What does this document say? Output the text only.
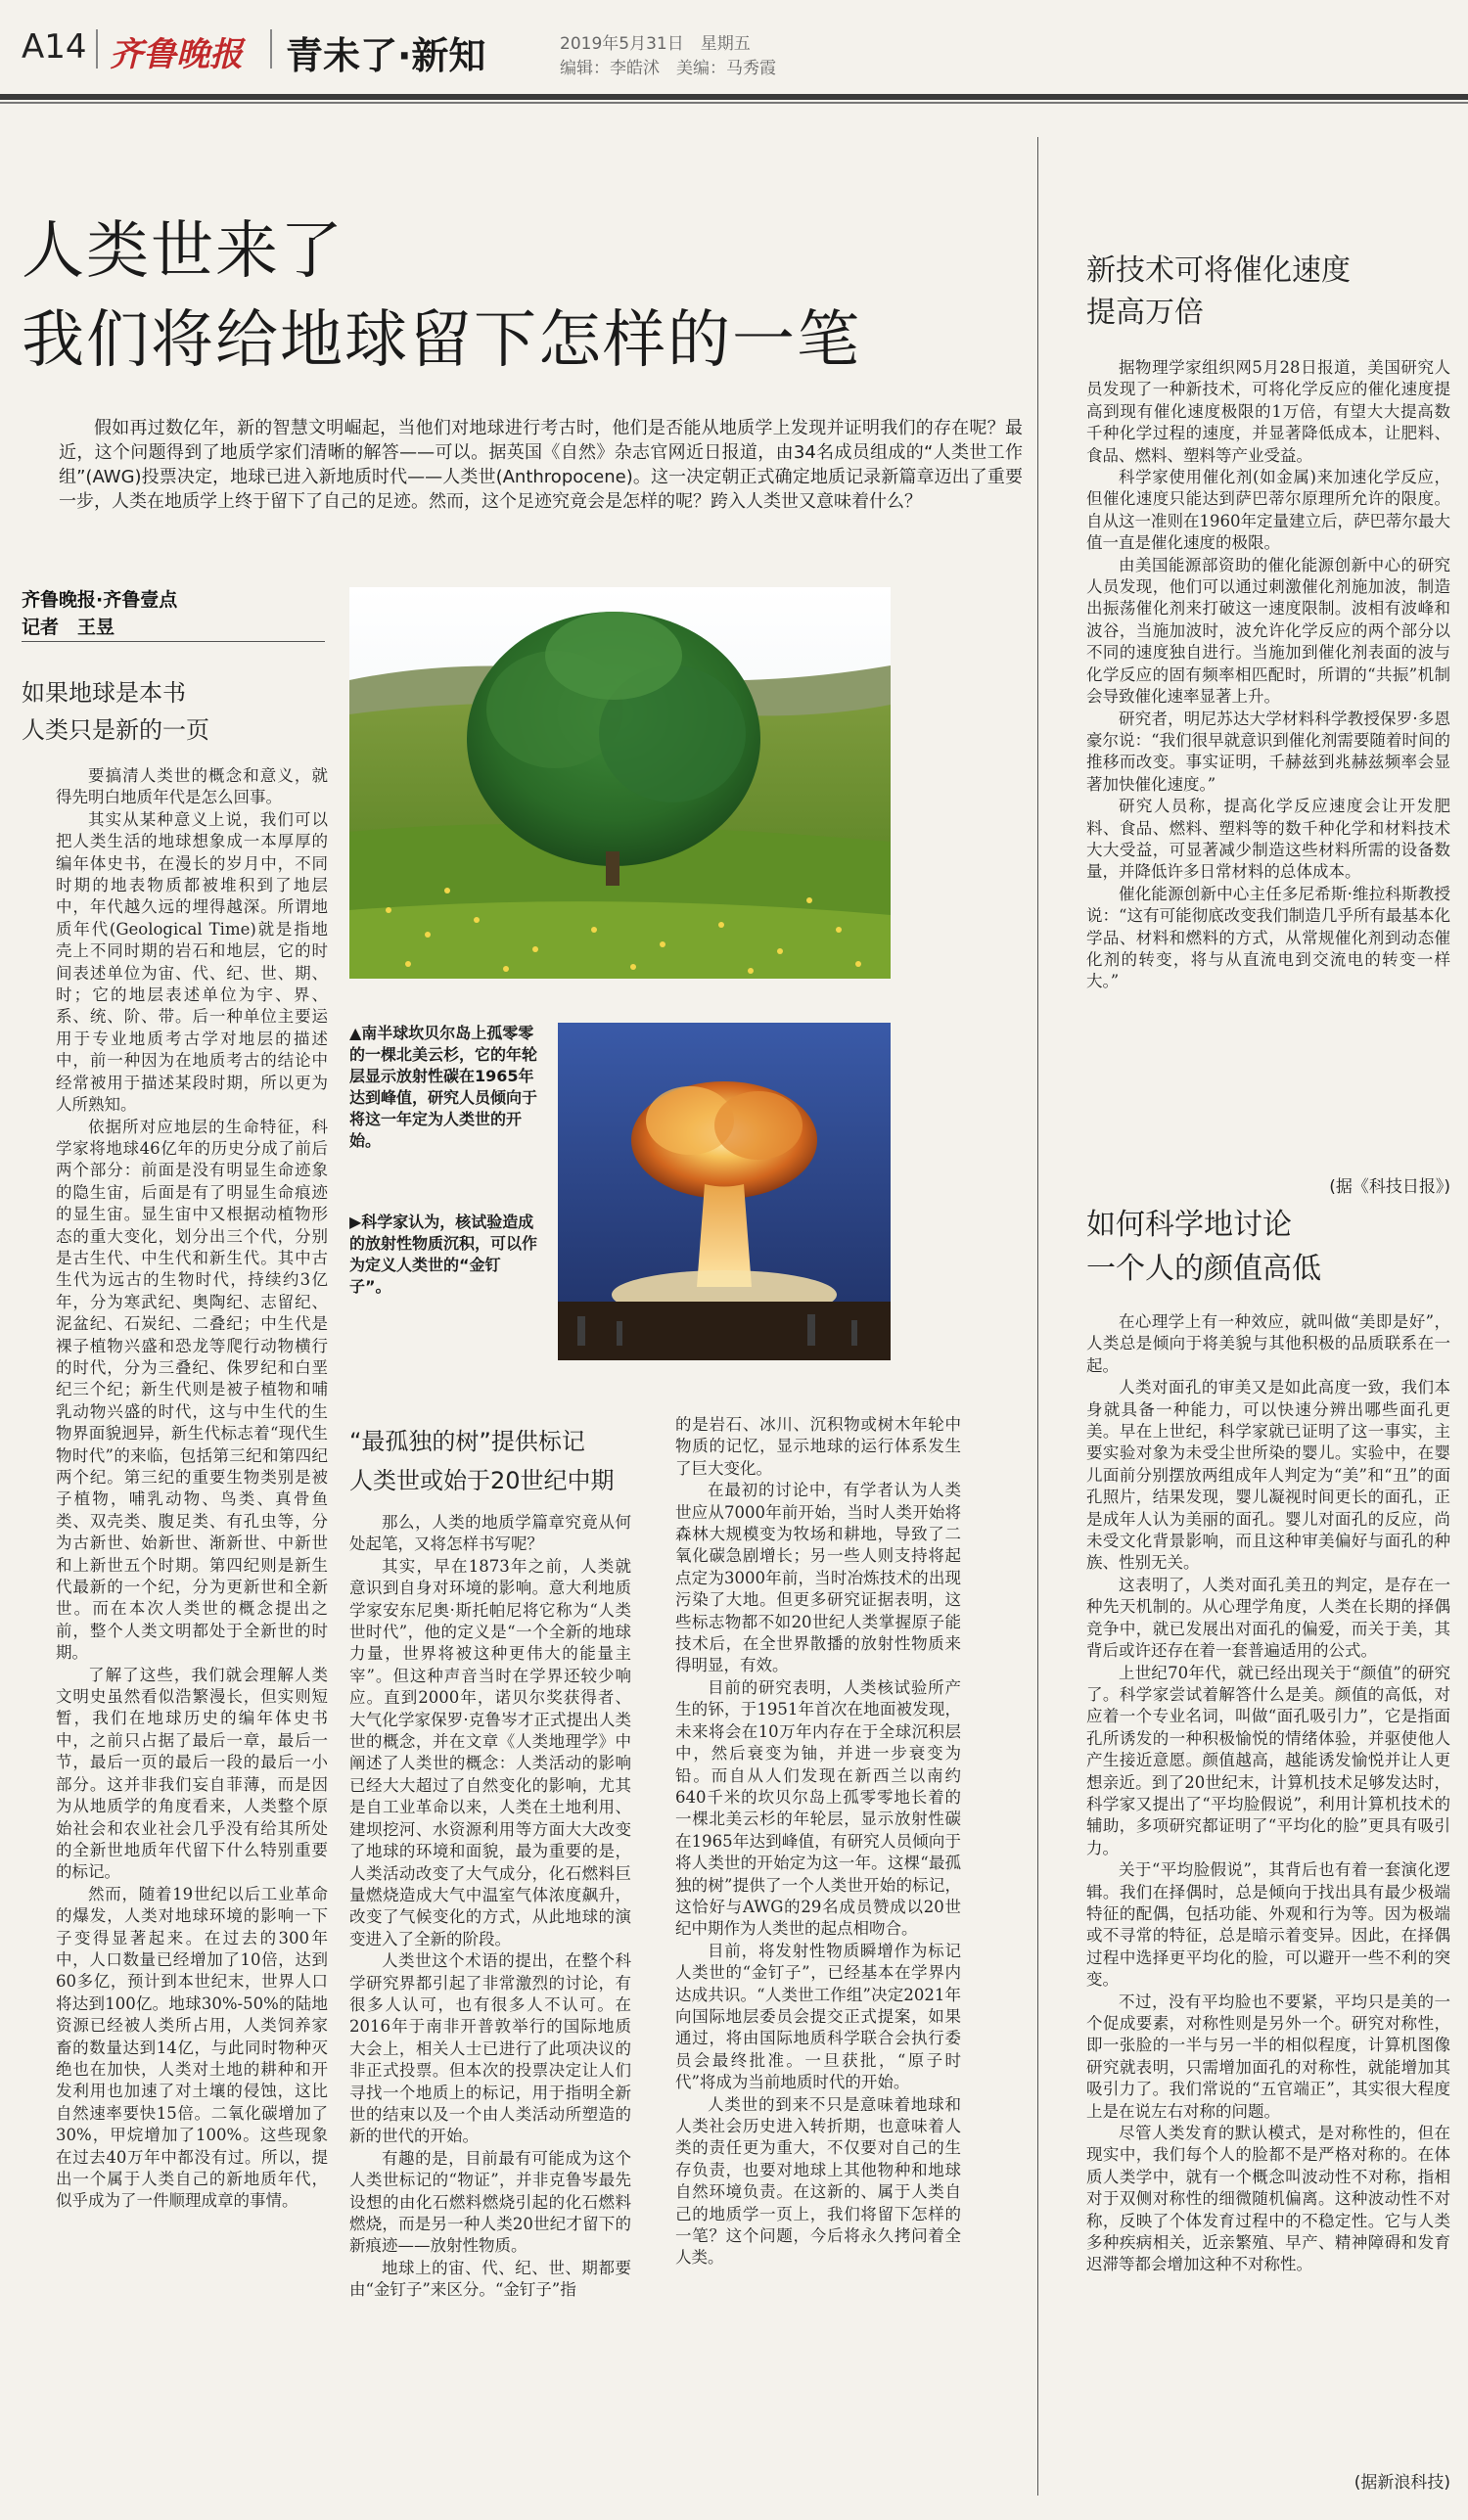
A14 齐鲁晚报 青未了·新知	2019年5月31日　星期五
编辑：李皓沭　美编：马秀霞
人类世来了
我们将给地球留下怎样的一笔
假如再过数亿年，新的智慧文明崛起，当他们对地球进行考古时，他们是否能从地质学上发现并证明我们的存在呢？最近，这个问题得到了地质学家们清晰的解答——可以。据英国《自然》杂志官网近日报道，由34名成员组成的“人类世工作组”(AWG)投票决定，地球已进入新地质时代——人类世(Anthropocene)。这一决定朝正式确定地质记录新篇章迈出了重要一步，人类在地质学上终于留下了自己的足迹。然而，这个足迹究竟会是怎样的呢？跨入人类世又意味着什么？
齐鲁晚报·齐鲁壹点
记者　王昱
如果地球是本书
人类只是新的一页

要搞清人类世的概念和意义，就得先明白地质年代是怎么回事。

其实从某种意义上说，我们可以把人类生活的地球想象成一本厚厚的编年体史书，在漫长的岁月中，不同时期的地表物质都被堆积到了地层中，年代越久远的埋得越深。所谓地质年代(Geological Time)就是指地壳上不同时期的岩石和地层，它的时间表述单位为宙、代、纪、世、期、时；它的地层表述单位为宇、界、系、统、阶、带。后一种单位主要运用于专业地质考古学对地层的描述中，前一种因为在地质考古的结论中经常被用于描述某段时期，所以更为人所熟知。

依据所对应地层的生命特征，科学家将地球46亿年的历史分成了前后两个部分：前面是没有明显生命迹象的隐生宙，后面是有了明显生命痕迹的显生宙。显生宙中又根据动植物形态的重大变化，划分出三个代，分别是古生代、中生代和新生代。其中古生代为远古的生物时代，持续约3亿年，分为寒武纪、奥陶纪、志留纪、泥盆纪、石炭纪、二叠纪；中生代是裸子植物兴盛和恐龙等爬行动物横行的时代，分为三叠纪、侏罗纪和白垩纪三个纪；新生代则是被子植物和哺乳动物兴盛的时代，这与中生代的生物界面貌迥异，新生代标志着“现代生物时代”的来临，包括第三纪和第四纪两个纪。第三纪的重要生物类别是被子植物，哺乳动物、鸟类、真骨鱼类、双壳类、腹足类、有孔虫等，分为古新世、始新世、渐新世、中新世和上新世五个时期。第四纪则是新生代最新的一个纪，分为更新世和全新世。而在本次人类世的概念提出之前，整个人类文明都处于全新世的时期。

了解了这些，我们就会理解人类文明史虽然看似浩繁漫长，但实则短暂，我们在地球历史的编年体史书中，之前只占据了最后一章，最后一节，最后一页的最后一段的最后一小部分。这并非我们妄自菲薄，而是因为从地质学的角度看来，人类整个原始社会和农业社会几乎没有给其所处的全新世地质年代留下什么特别重要的标记。

然而，随着19世纪以后工业革命的爆发，人类对地球环境的影响一下子变得显著起来。在过去的300年中，人口数量已经增加了10倍，达到60多亿，预计到本世纪末，世界人口将达到100亿。地球30%-50%的陆地资源已经被人类所占用，人类饲养家畜的数量达到14亿，与此同时物种灭绝也在加快，人类对土地的耕种和开发利用也加速了对土壤的侵蚀，这比自然速率要快15倍。二氧化碳增加了30%，甲烷增加了100%。这些现象在过去40万年中都没有过。所以，提出一个属于人类自己的新地质年代，似乎成为了一件顺理成章的事情。

▲南半球坎贝尔岛上孤零零的一棵北美云杉，它的年轮层显示放射性碳在1965年达到峰值，研究人员倾向于将这一年定为人类世的开始。
▶科学家认为，核试验造成的放射性物质沉积，可以作为定义人类世的“金钉子”。
“最孤独的树”提供标记
人类世或始于20世纪中期

那么，人类的地质学篇章究竟从何处起笔，又将怎样书写呢？

其实，早在1873年之前，人类就意识到自身对环境的影响。意大利地质学家安东尼奥·斯托帕尼将它称为“人类世时代”，他的定义是“一个全新的地球力量，世界将被这种更伟大的能量主宰”。但这种声音当时在学界还较少响应。直到2000年，诺贝尔奖获得者、大气化学家保罗·克鲁岑才正式提出人类世的概念，并在文章《人类地理学》中阐述了人类世的概念：人类活动的影响已经大大超过了自然变化的影响，尤其是自工业革命以来，人类在土地利用、建坝挖河、水资源利用等方面大大改变了地球的环境和面貌，最为重要的是，人类活动改变了大气成分，化石燃料巨量燃烧造成大气中温室气体浓度飙升，改变了气候变化的方式，从此地球的演变进入了全新的阶段。

人类世这个术语的提出，在整个科学研究界都引起了非常激烈的讨论，有很多人认可，也有很多人不认可。在2016年于南非开普敦举行的国际地质大会上，相关人士已进行了此项决议的非正式投票。但本次的投票决定让人们寻找一个地质上的标记，用于指明全新世的结束以及一个由人类活动所塑造的新的世代的开始。

有趣的是，目前最有可能成为这个人类世标记的“物证”，并非克鲁岑最先设想的由化石燃料燃烧引起的化石燃料燃烧，而是另一种人类20世纪才留下的新痕迹——放射性物质。

地球上的宙、代、纪、世、期都要由“金钉子”来区分。“金钉子”指

的是岩石、冰川、沉积物或树木年轮中物质的记忆，显示地球的运行体系发生了巨大变化。

在最初的讨论中，有学者认为人类世应从7000年前开始，当时人类开始将森林大规模变为牧场和耕地，导致了二氧化碳急剧增长；另一些人则支持将起点定为3000年前，当时冶炼技术的出现污染了大地。但更多研究证据表明，这些标志物都不如20世纪人类掌握原子能技术后，在全世界散播的放射性物质来得明显，有效。

目前的研究表明，人类核试验所产生的钚，于1951年首次在地面被发现，未来将会在10万年内存在于全球沉积层中，然后衰变为铀，并进一步衰变为铅。而自从人们发现在新西兰以南约640千米的坎贝尔岛上孤零零地长着的一棵北美云杉的年轮层，显示放射性碳在1965年达到峰值，有研究人员倾向于将人类世的开始定为这一年。这棵“最孤独的树”提供了一个人类世开始的标记，这恰好与AWG的29名成员赞成以20世纪中期作为人类世的起点相吻合。

目前，将发射性物质瞬增作为标记人类世的“金钉子”，已经基本在学界内达成共识。“人类世工作组”决定2021年向国际地层委员会提交正式提案，如果通过，将由国际地质科学联合会执行委员会最终批准。一旦获批，“原子时代”将成为当前地质时代的开始。

人类世的到来不只是意味着地球和人类社会历史进入转折期，也意味着人类的责任更为重大，不仅要对自己的生存负责，也要对地球上其他物种和地球自然环境负责。在这新的、属于人类自己的地质学一页上，我们将留下怎样的一笔？这个问题，今后将永久拷问着全人类。

新技术可将催化速度
提高万倍

据物理学家组织网5月28日报道，美国研究人员发现了一种新技术，可将化学反应的催化速度提高到现有催化速度极限的1万倍，有望大大提高数千种化学过程的速度，并显著降低成本，让肥料、食品、燃料、塑料等产业受益。

科学家使用催化剂(如金属)来加速化学反应，但催化速度只能达到萨巴蒂尔原理所允许的限度。自从这一准则在1960年定量建立后，萨巴蒂尔最大值一直是催化速度的极限。

由美国能源部资助的催化能源创新中心的研究人员发现，他们可以通过刺激催化剂施加波，制造出振荡催化剂来打破这一速度限制。波相有波峰和波谷，当施加波时，波允许化学反应的两个部分以不同的速度独自进行。当施加到催化剂表面的波与化学反应的固有频率相匹配时，所谓的“共振”机制会导致催化速率显著上升。

研究者，明尼苏达大学材料科学教授保罗·多恩豪尔说：“我们很早就意识到催化剂需要随着时间的推移而改变。事实证明，千赫兹到兆赫兹频率会显著加快催化速度。”

研究人员称，提高化学反应速度会让开发肥料、食品、燃料、塑料等的数千种化学和材料技术大大受益，可显著减少制造这些材料所需的设备数量，并降低许多日常材料的总体成本。

催化能源创新中心主任多尼希斯·维拉科斯教授说：“这有可能彻底改变我们制造几乎所有最基本化学品、材料和燃料的方式，从常规催化剂到动态催化剂的转变，将与从直流电到交流电的转变一样大。”

(据《科技日报》)
如何科学地讨论
一个人的颜值高低

在心理学上有一种效应，就叫做“美即是好”，人类总是倾向于将美貌与其他积极的品质联系在一起。

人类对面孔的审美又是如此高度一致，我们本身就具备一种能力，可以快速分辨出哪些面孔更美。早在上世纪，科学家就已证明了这一事实，主要实验对象为未受尘世所染的婴儿。实验中，在婴儿面前分别摆放两组成年人判定为“美”和“丑”的面孔照片，结果发现，婴儿凝视时间更长的面孔，正是成年人认为美丽的面孔。婴儿对面孔的反应，尚未受文化背景影响，而且这种审美偏好与面孔的种族、性别无关。

这表明了，人类对面孔美丑的判定，是存在一种先天机制的。从心理学角度，人类在长期的择偶竞争中，就已发展出对面孔的偏爱，而关于美，其背后或许还存在着一套普遍适用的公式。

上世纪70年代，就已经出现关于“颜值”的研究了。科学家尝试着解答什么是美。颜值的高低，对应着一个专业名词，叫做“面孔吸引力”，它是指面孔所诱发的一种积极愉悦的情绪体验，并驱使他人产生接近意愿。颜值越高，越能诱发愉悦并让人更想亲近。到了20世纪末，计算机技术足够发达时，科学家又提出了“平均脸假说”，利用计算机技术的辅助，多项研究都证明了“平均化的脸”更具有吸引力。

关于“平均脸假说”，其背后也有着一套演化逻辑。我们在择偶时，总是倾向于找出具有最少极端特征的配偶，包括功能、外观和行为等。因为极端或不寻常的特征，总是暗示着变异。因此，在择偶过程中选择更平均化的脸，可以避开一些不利的突变。

不过，没有平均脸也不要紧，平均只是美的一个促成要素，对称性则是另外一个。研究对称性，即一张脸的一半与另一半的相似程度，计算机图像研究就表明，只需增加面孔的对称性，就能增加其吸引力了。我们常说的“五官端正”，其实很大程度上是在说左右对称的问题。

尽管人类发育的默认模式，是对称性的，但在现实中，我们每个人的脸都不是严格对称的。在体质人类学中，就有一个概念叫波动性不对称，指相对于双侧对称性的细微随机偏离。这种波动性不对称，反映了个体发育过程中的不稳定性。它与人类多种疾病相关，近亲繁殖、早产、精神障碍和发育迟滞等都会增加这种不对称性。

(据新浪科技)
